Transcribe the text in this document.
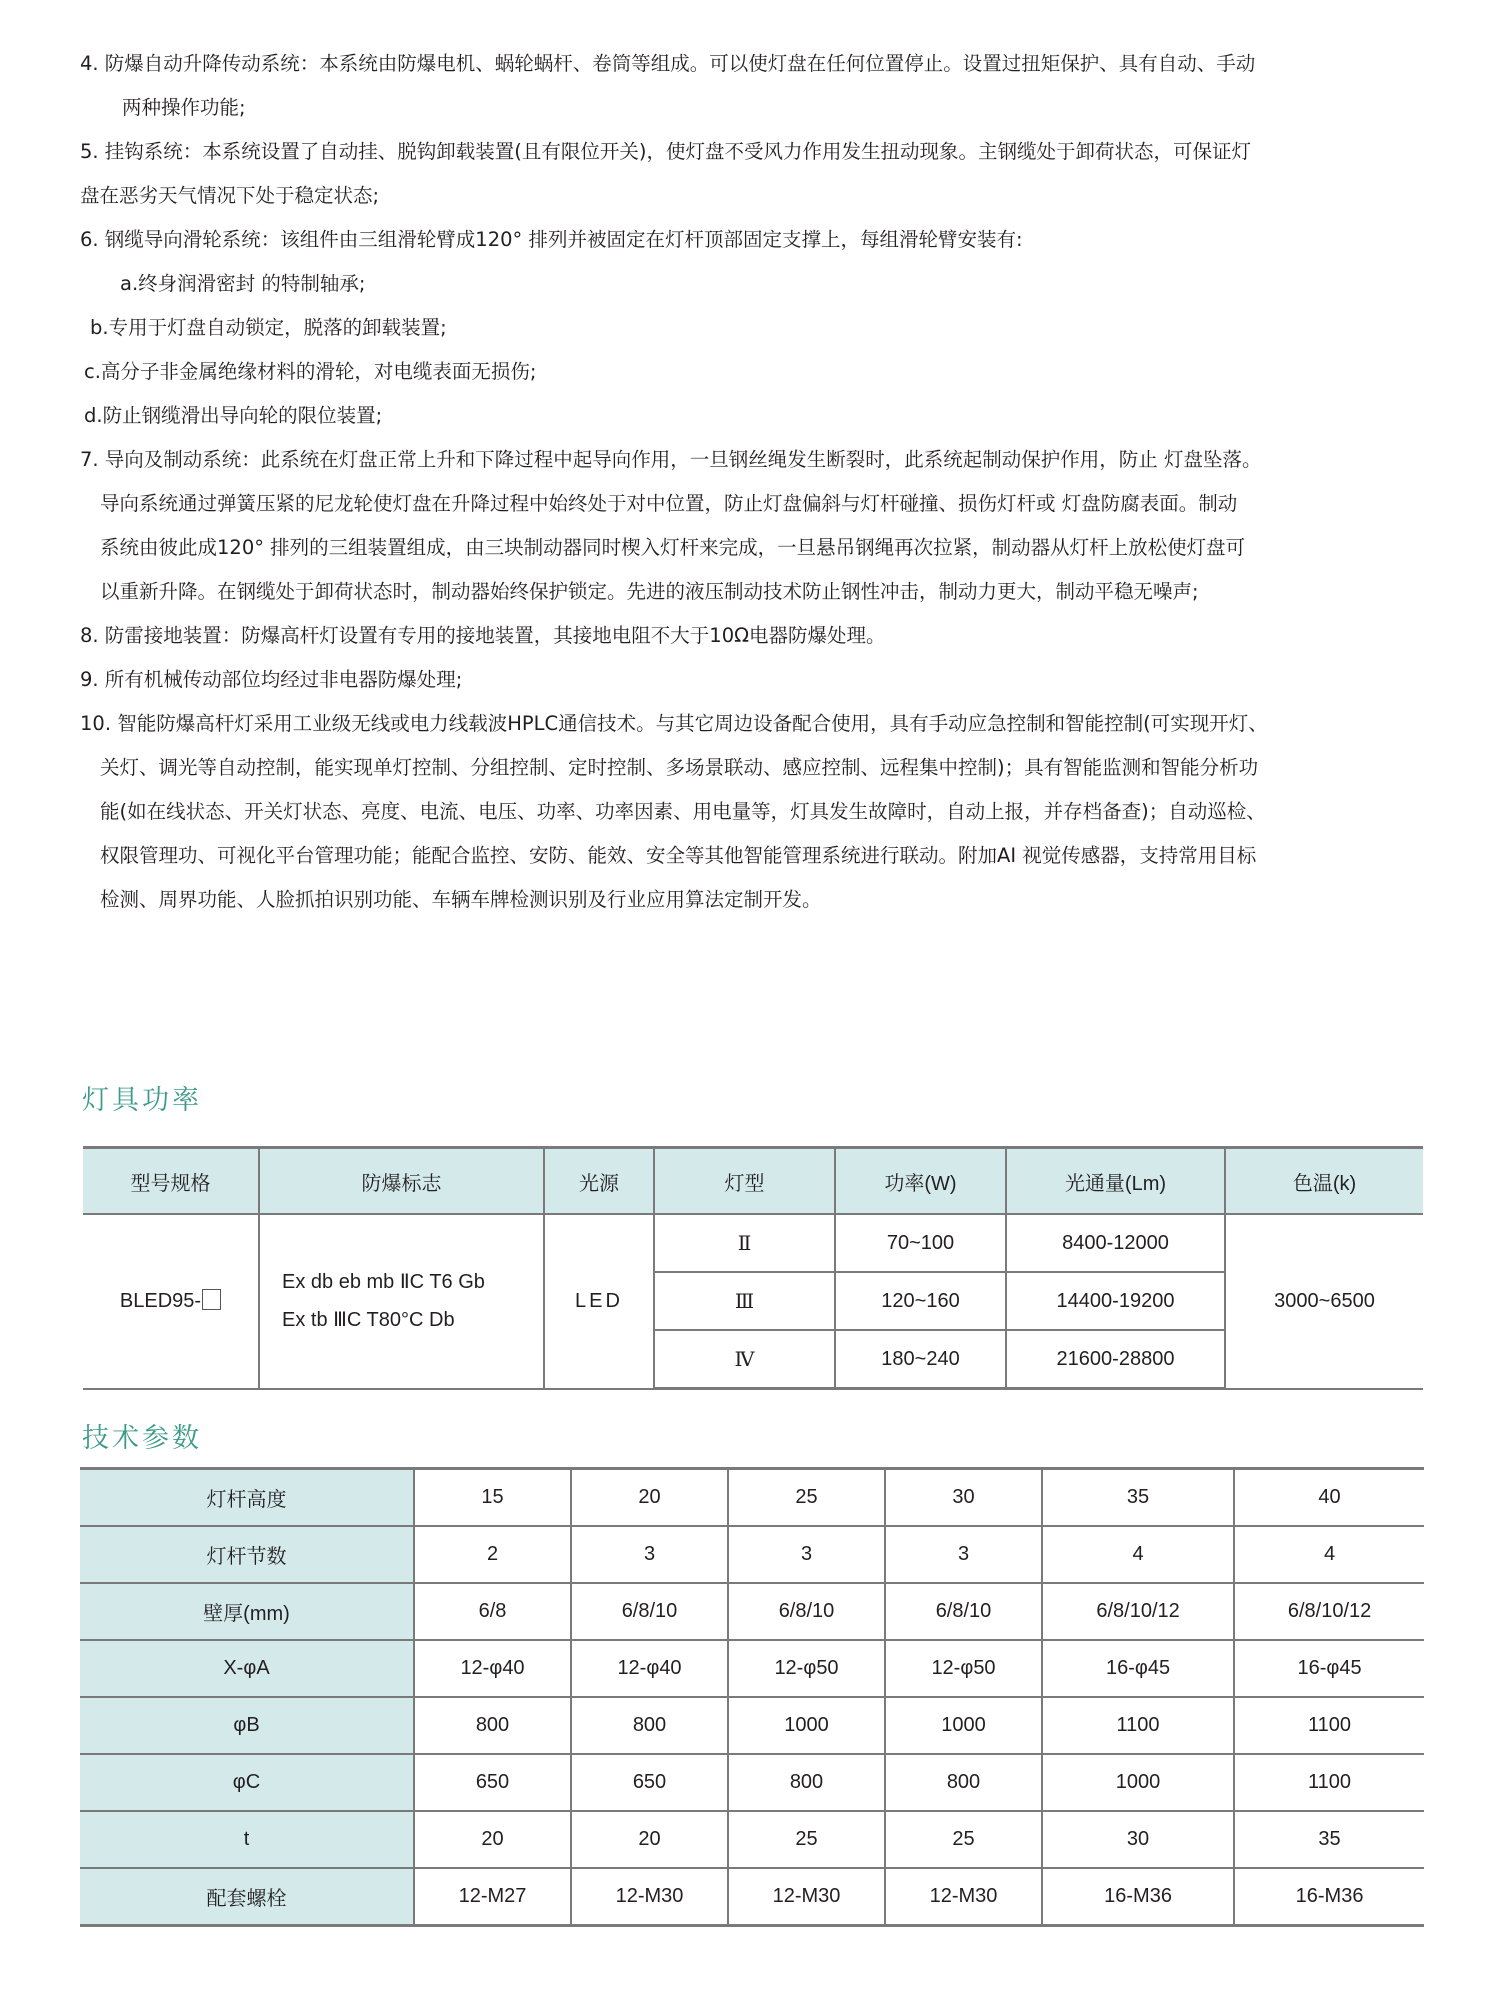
4. 防爆自动升降传动系统：本系统由防爆电机、蜗轮蜗杆、卷筒等组成。可以使灯盘在任何位置停止。设置过扭矩保护、具有自动、手动
两种操作功能;
5. 挂钩系统：本系统设置了自动挂、脱钩卸载装置(且有限位开关)，使灯盘不受风力作用发生扭动现象。主钢缆处于卸荷状态，可保证灯
盘在恶劣天气情况下处于稳定状态;
6. 钢缆导向滑轮系统：该组件由三组滑轮臂成120° 排列并被固定在灯杆顶部固定支撑上，每组滑轮臂安装有:
a.终身润滑密封 的特制轴承;
b.专用于灯盘自动锁定，脱落的卸载装置;
c.高分子非金属绝缘材料的滑轮，对电缆表面无损伤;
d.防止钢缆滑出导向轮的限位装置;
7. 导向及制动系统：此系统在灯盘正常上升和下降过程中起导向作用，一旦钢丝绳发生断裂时，此系统起制动保护作用，防止 灯盘坠落。
导向系统通过弹簧压紧的尼龙轮使灯盘在升降过程中始终处于对中位置，防止灯盘偏斜与灯杆碰撞、损伤灯杆或 灯盘防腐表面。制动
系统由彼此成120° 排列的三组装置组成，由三块制动器同时楔入灯杆来完成，一旦悬吊钢绳再次拉紧，制动器从灯杆上放松使灯盘可
以重新升降。在钢缆处于卸荷状态时，制动器始终保护锁定。先进的液压制动技术防止钢性冲击，制动力更大，制动平稳无噪声;
8. 防雷接地装置：防爆高杆灯设置有专用的接地装置，其接地电阻不大于10Ω电器防爆处理。
9. 所有机械传动部位均经过非电器防爆处理;
10. 智能防爆高杆灯采用工业级无线或电力线载波HPLC通信技术。与其它周边设备配合使用，具有手动应急控制和智能控制(可实现开灯、
关灯、调光等自动控制，能实现单灯控制、分组控制、定时控制、多场景联动、感应控制、远程集中控制)；具有智能监测和智能分析功
能(如在线状态、开关灯状态、亮度、电流、电压、功率、功率因素、用电量等，灯具发生故障时，自动上报，并存档备查)；自动巡检、
权限管理功、可视化平台管理功能；能配合监控、安防、能效、安全等其他智能管理系统进行联动。附加AI 视觉传感器，支持常用目标
检测、周界功能、人脸抓拍识别功能、车辆车牌检测识别及行业应用算法定制开发。
灯具功率
型号规格	防爆标志	光源	灯型	功率(W)	光通量(Lm)	色温(k)
BLED95-	Ex db eb mb ⅡC T6 Gb
Ex tb ⅢC T80°C Db	LED	Ⅱ	70~100	8400-12000	3000~6500
			Ⅲ	120~160	14400-19200	
			Ⅳ	180~240	21600-28800	
技术参数
灯杆高度	15	20	25	30	35	40
灯杆节数	2	3	3	3	4	4
壁厚(mm)	6/8	6/8/10	6/8/10	6/8/10	6/8/10/12	6/8/10/12
X-φA	12-φ40	12-φ40	12-φ50	12-φ50	16-φ45	16-φ45
φB	800	800	1000	1000	1100	1100
φC	650	650	800	800	1000	1100
t	20	20	25	25	30	35
配套螺栓	12-M27	12-M30	12-M30	12-M30	16-M36	16-M36
